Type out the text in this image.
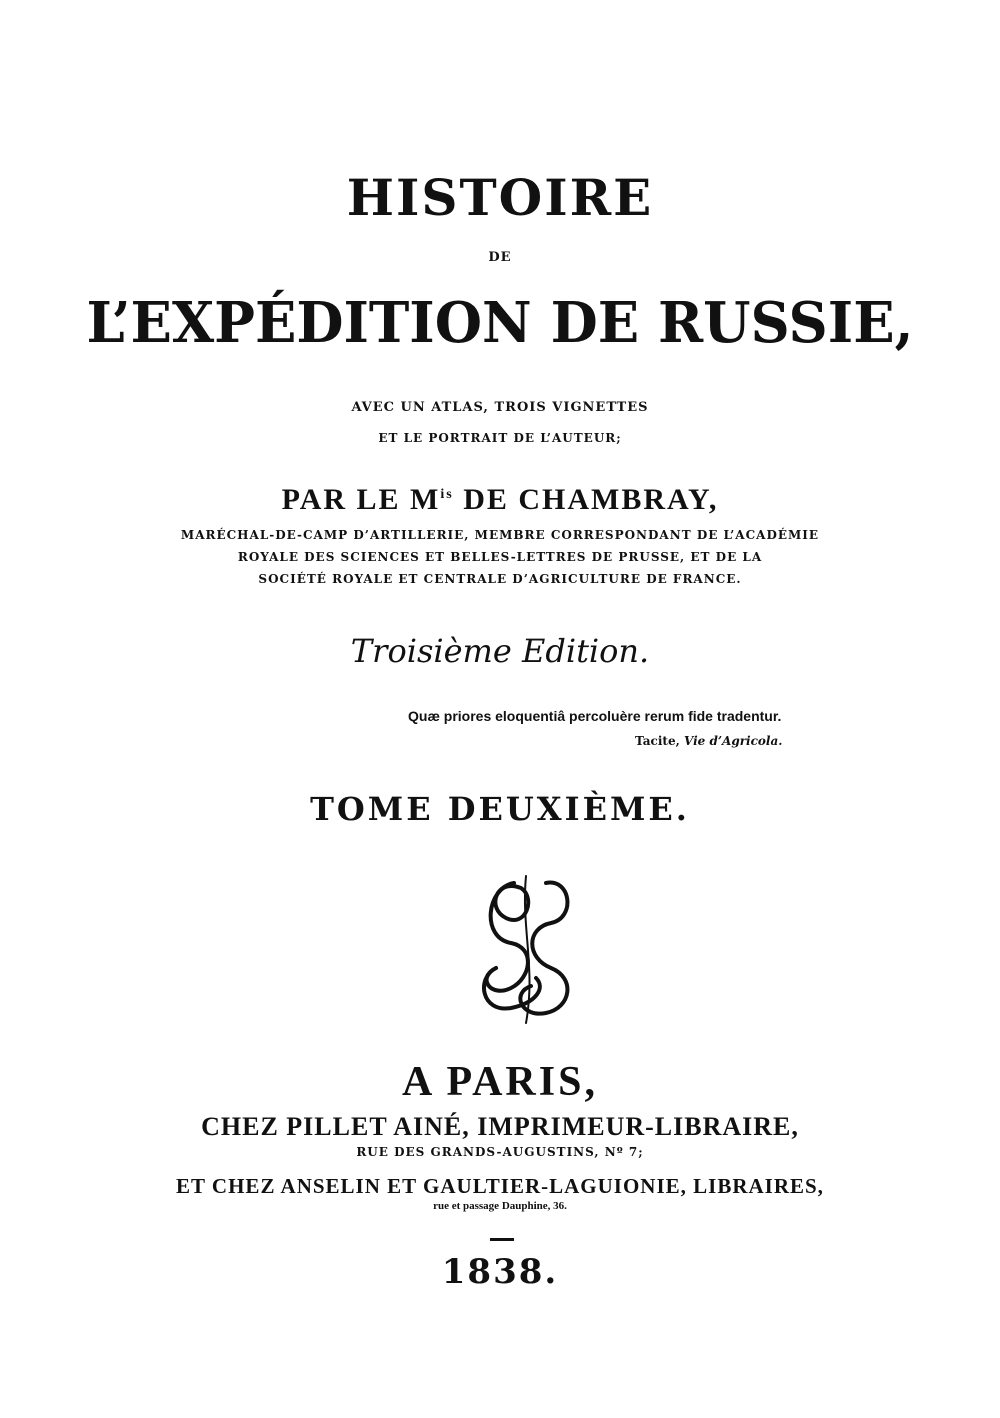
HISTOIRE
DE
L’EXPÉDITION DE RUSSIE,
AVEC UN ATLAS, TROIS VIGNETTES
ET LE PORTRAIT DE L’AUTEUR;
PAR LE $M^{is}$ DE CHAMBRAY,
MARÉCHAL-DE-CAMP D’ARTILLERIE, MEMBRE CORRESPONDANT DE L’ACADÉMIE
ROYALE DES SCIENCES ET BELLES-LETTRES DE PRUSSE, ET DE LA
SOCIÉTÉ ROYALE ET CENTRALE D’AGRICULTURE DE FRANCE.
Troisième Edition.
Quæ priores eloquentiâ percoluère rerum fide tradentur.
Tacite, Vie d’Agricola.
TOME DEUXIÈME.
A PARIS,
CHEZ PILLET AINÉ, IMPRIMEUR-LIBRAIRE,
RUE DES GRANDS-AUGUSTINS, Nº 7;
ET CHEZ ANSELIN ET GAULTIER-LAGUIONIE, LIBRAIRES,
rue et passage Dauphine, 36.
1838.
